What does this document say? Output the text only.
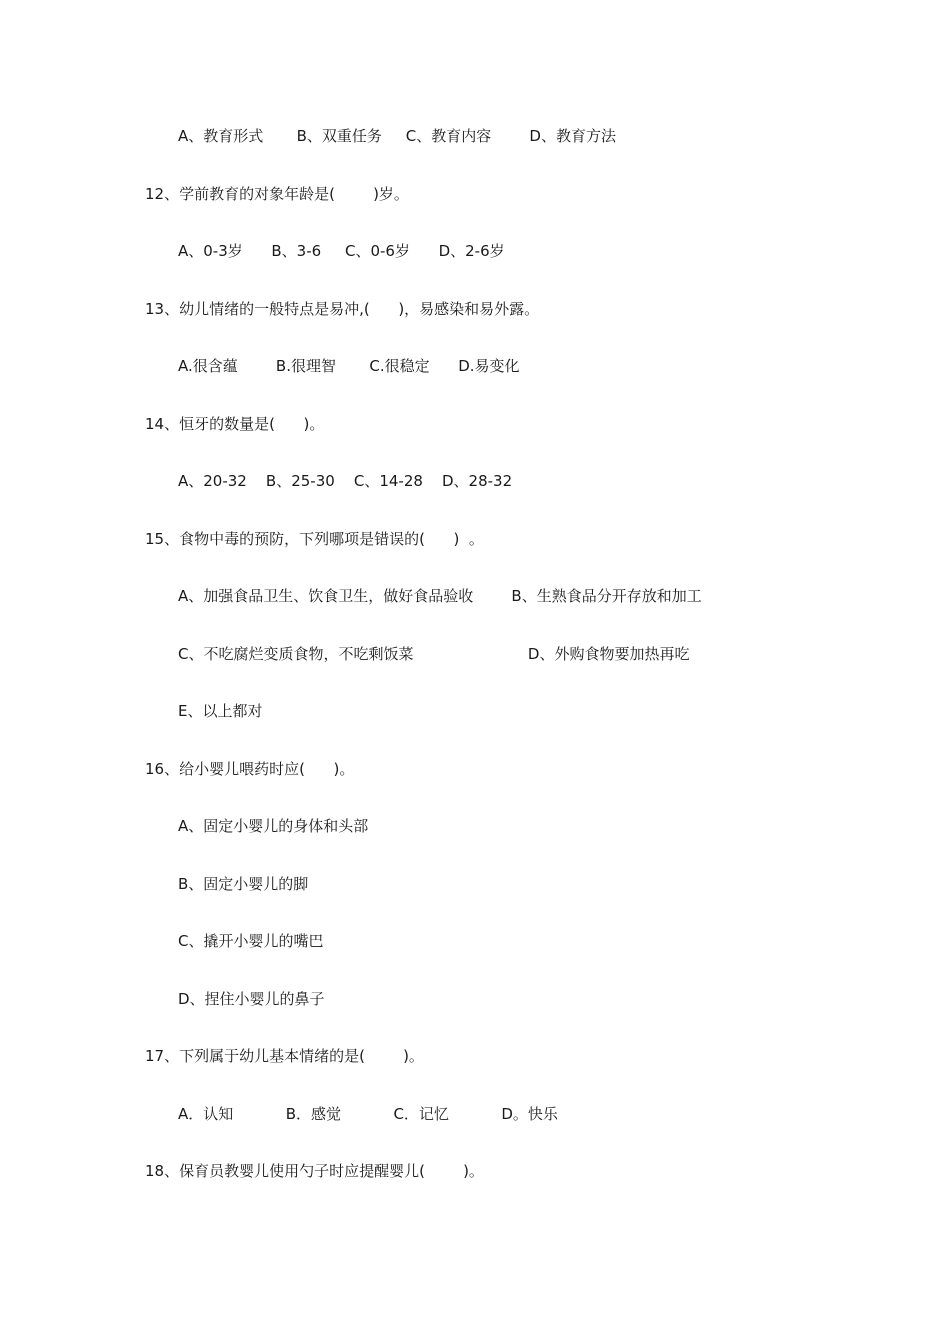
A、教育形式       B、双重任务     C、教育内容        D、教育方法
12、学前教育的对象年龄是(        )岁。
A、0-3岁      B、3-6     C、0-6岁      D、2-6岁
13、幼儿情绪的一般特点是易冲,(      )，易感染和易外露。
A.很含蕴        B.很理智       C.很稳定      D.易变化
14、恒牙的数量是(      )。
A、20-32    B、25-30    C、14-28    D、28-32
15、食物中毒的预防，下列哪项是错误的(      )  。
A、加强食品卫生、饮食卫生，做好食品验收        B、生熟食品分开存放和加工
C、不吃腐烂变质食物，不吃剩饭菜                        D、外购食物要加热再吃
E、以上都对
16、给小婴儿喂药时应(      )。
A、固定小婴儿的身体和头部
B、固定小婴儿的脚
C、撬开小婴儿的嘴巴
D、捏住小婴儿的鼻子
17、下列属于幼儿基本情绪的是(        )。
A．认知           B．感觉           C．记忆           D。快乐
18、保育员教婴儿使用勺子时应提醒婴儿(        )。
